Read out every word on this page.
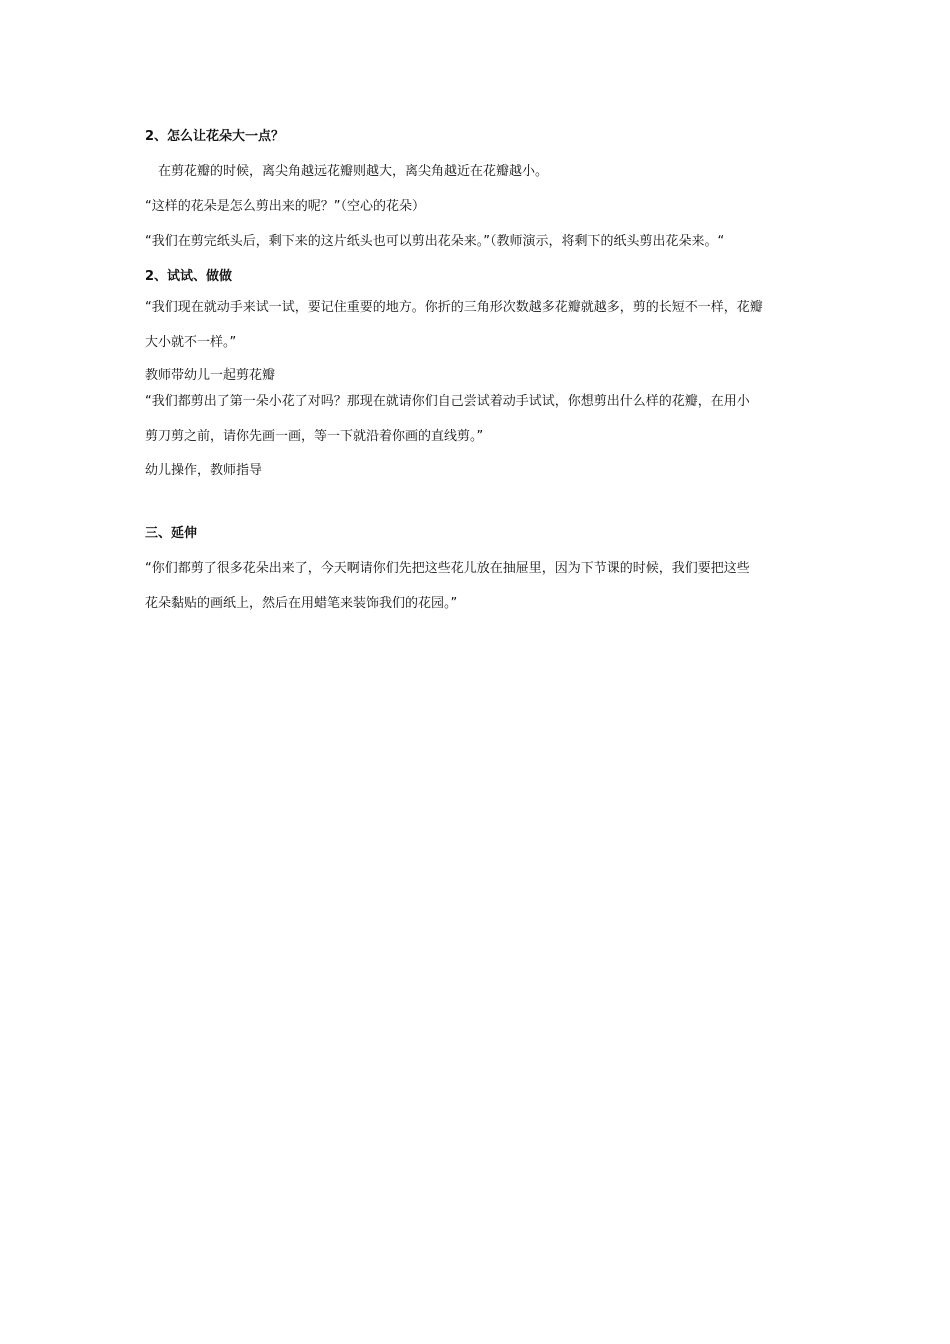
2、怎么让花朵大一点？

在剪花瓣的时候，离尖角越远花瓣则越大，离尖角越近在花瓣越小。

“这样的花朵是怎么剪出来的呢？”（空心的花朵）

“我们在剪完纸头后，剩下来的这片纸头也可以剪出花朵来。”（教师演示，将剩下的纸头剪出花朵来。“

2、试试、做做

“我们现在就动手来试一试，要记住重要的地方。你折的三角形次数越多花瓣就越多，剪的长短不一样，花瓣

大小就不一样。”

教师带幼儿一起剪花瓣

“我们都剪出了第一朵小花了对吗？那现在就请你们自己尝试着动手试试，你想剪出什么样的花瓣，在用小

剪刀剪之前，请你先画一画，等一下就沿着你画的直线剪。”

幼儿操作，教师指导

三、延伸

“你们都剪了很多花朵出来了，今天啊请你们先把这些花儿放在抽屉里，因为下节课的时候，我们要把这些

花朵黏贴的画纸上，然后在用蜡笔来装饰我们的花园。”
